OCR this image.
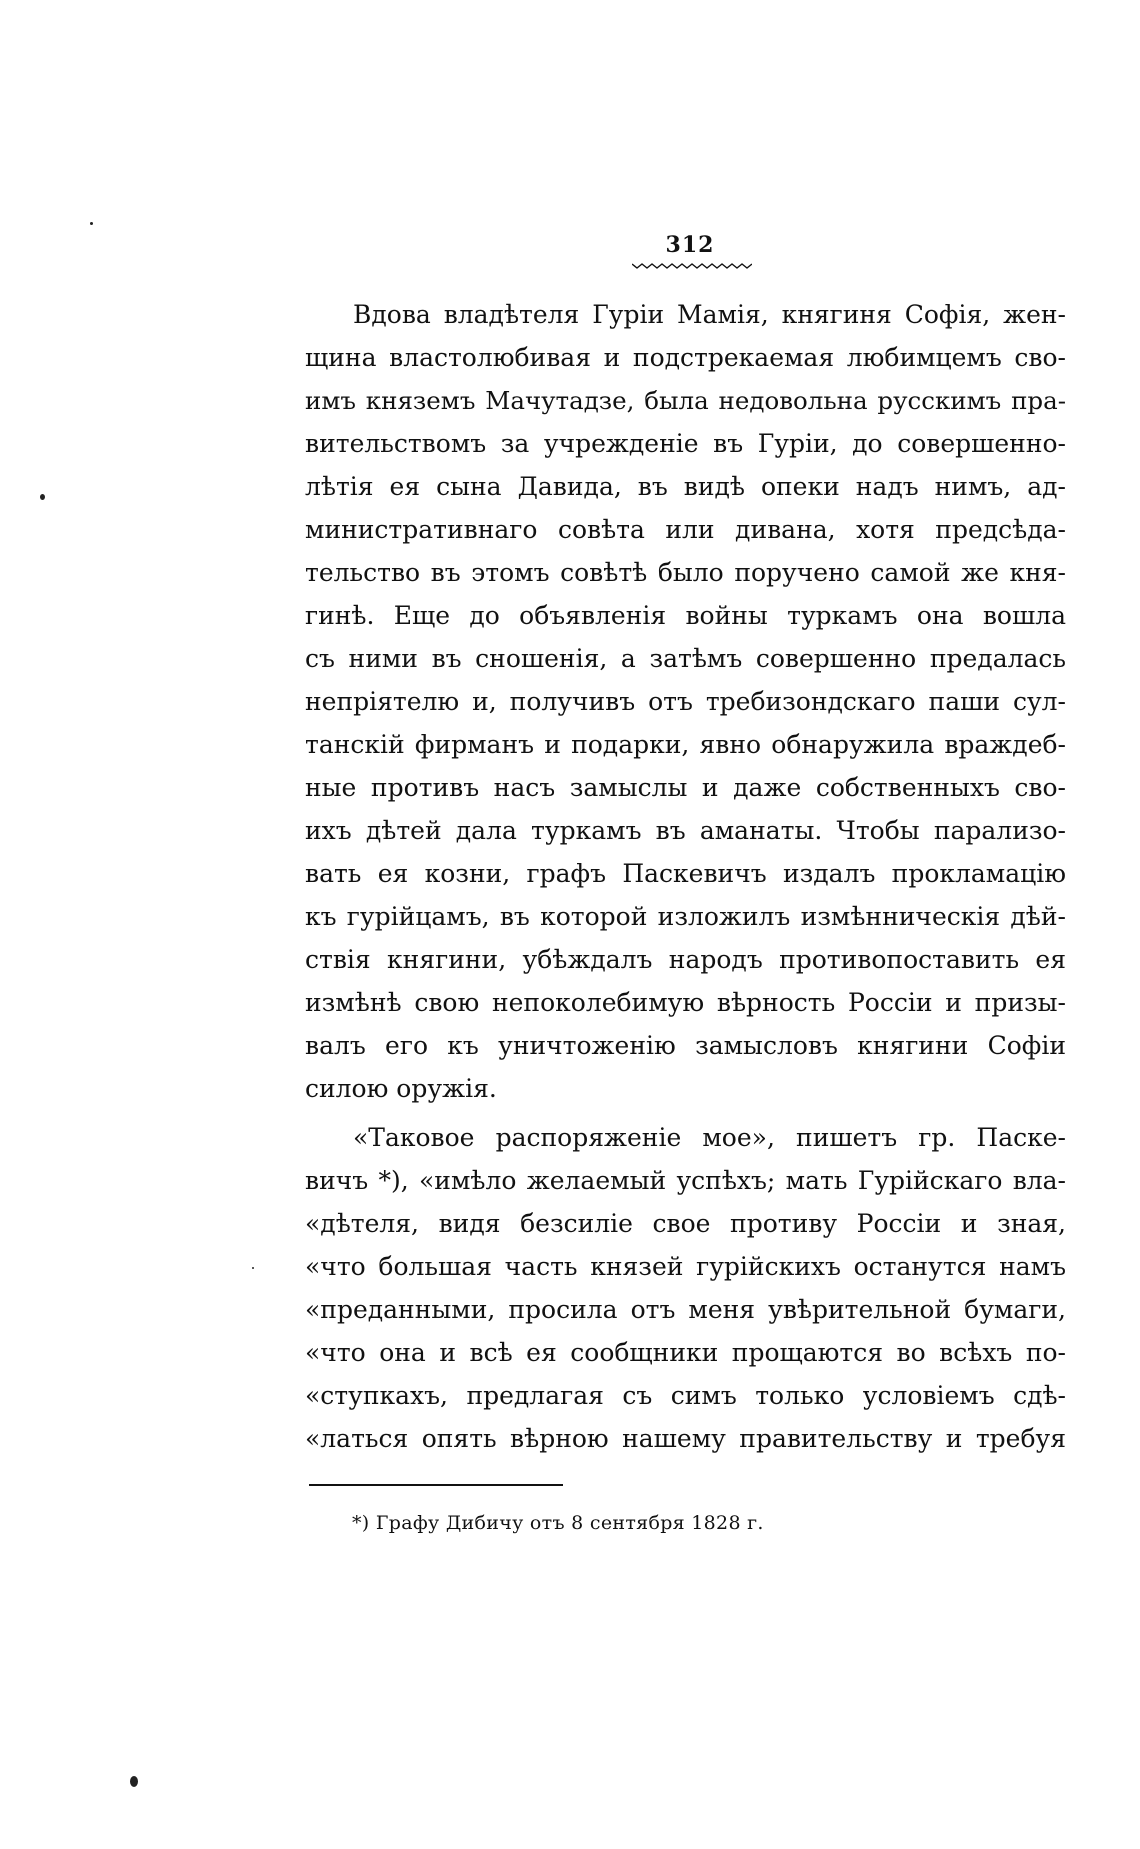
312
Вдова владѣтеля Гуріи Мамія, княгиня Софія, жен-
щина властолюбивая и подстрекаемая любимцемъ сво-
имъ княземъ Мачутадзе, была недовольна русскимъ пра-
вительствомъ за учрежденіе въ Гуріи, до совершенно-
лѣтія ея сына Давида, въ видѣ опеки надъ нимъ, ад-
министративнаго совѣта или дивана, хотя предсѣда-
тельство въ этомъ совѣтѣ было поручено самой же кня-
гинѣ. Еще до объявленія войны туркамъ она вошла
съ ними въ сношенія, а затѣмъ совершенно предалась
непріятелю и, получивъ отъ требизондскаго паши сул-
танскій фирманъ и подарки, явно обнаружила враждеб-
ные противъ насъ замыслы и даже собственныхъ сво-
ихъ дѣтей дала туркамъ въ аманаты. Чтобы парализо-
вать ея козни, графъ Паскевичъ издалъ прокламацію
къ гурійцамъ, въ которой изложилъ измѣнническія дѣй-
ствія княгини, убѣждалъ народъ противопоставить ея
измѣнѣ свою непоколебимую вѣрность Россіи и призы-
валъ его къ уничтоженію замысловъ княгини Софіи
силою оружія.
«Таковое распоряженіе мое», пишетъ гр. Паске-
вичъ *), «имѣло желаемый успѣхъ; мать Гурійскаго вла-
«дѣтеля, видя безсиліе свое противу Россіи и зная,
«что большая часть князей гурійскихъ останутся намъ
«преданными, просила отъ меня увѣрительной бумаги,
«что она и всѣ ея сообщники прощаются во всѣхъ по-
«ступкахъ, предлагая съ симъ только условіемъ сдѣ-
«латься опять вѣрною нашему правительству и требуя
*) Графу Дибичу отъ 8 сентября 1828 г.
